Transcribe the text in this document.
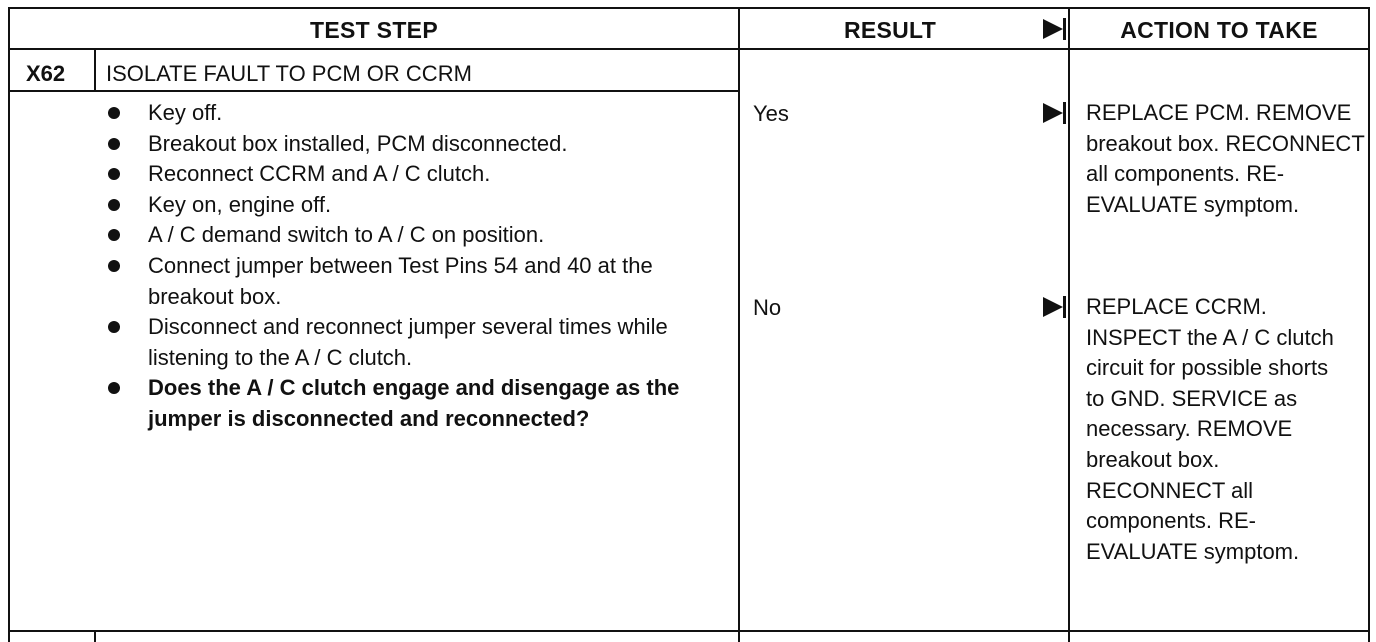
TEST STEP	RESULT	ACTION TO TAKE
X62 ISOLATE FAULT TO PCM OR CCRM
Key off.
Breakout box installed, PCM disconnected.
Reconnect CCRM and A / C clutch.
Key on, engine off.
A / C demand switch to A / C on position.
Connect jumper between Test Pins 54 and 40 at the breakout box.
Disconnect and reconnect jumper several times while listening to the A / C clutch.
Does the A / C clutch engage and disengage as the jumper is disconnected and reconnected?
Yes	REPLACE PCM. REMOVE breakout box. RECONNECT all components. RE-EVALUATE symptom.
No	REPLACE CCRM. INSPECT the A / C clutch circuit for possible shorts to GND. SERVICE as necessary. REMOVE breakout box. RECONNECT all components. RE-EVALUATE symptom.
